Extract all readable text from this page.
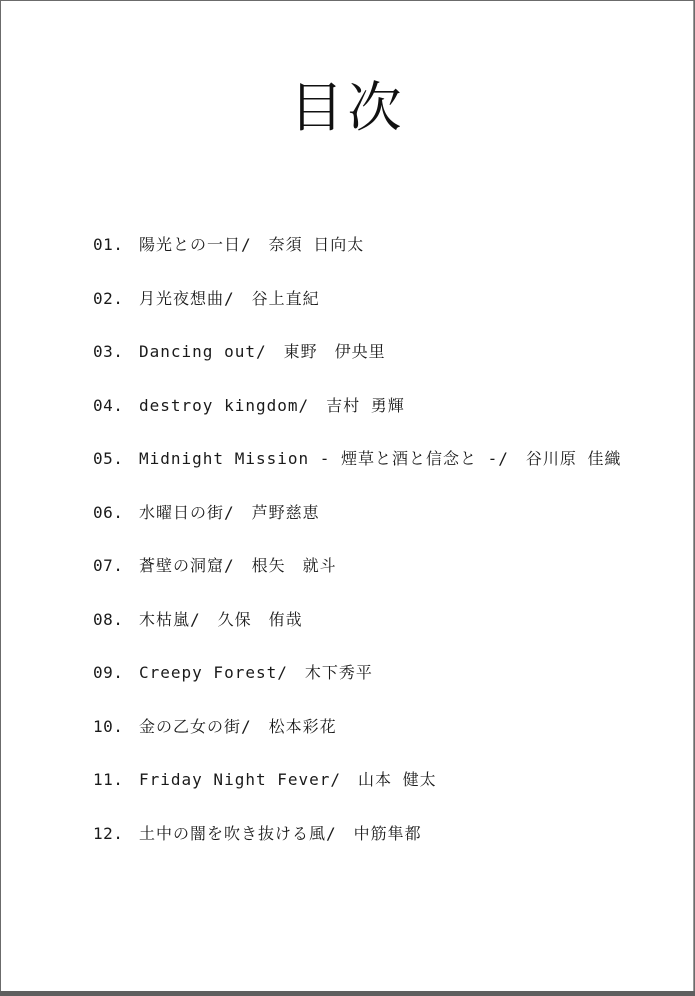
目次
01. 陽光との一日/　奈須 日向太
02. 月光夜想曲/　谷上直紀
03. Dancing out/　東野　伊央里
04. destroy kingdom/　吉村 勇輝
05. Midnight Mission - 煙草と酒と信念と -/　谷川原 佳織
06. 水曜日の街/　芦野慈恵
07. 蒼壁の洞窟/　根矢　就斗
08. 木枯嵐/　久保　侑哉
09. Creepy Forest/　木下秀平
10. 金の乙女の街/　松本彩花
11. Friday Night Fever/　山本 健太
12. 土中の闇を吹き抜ける風/　中筋隼都
